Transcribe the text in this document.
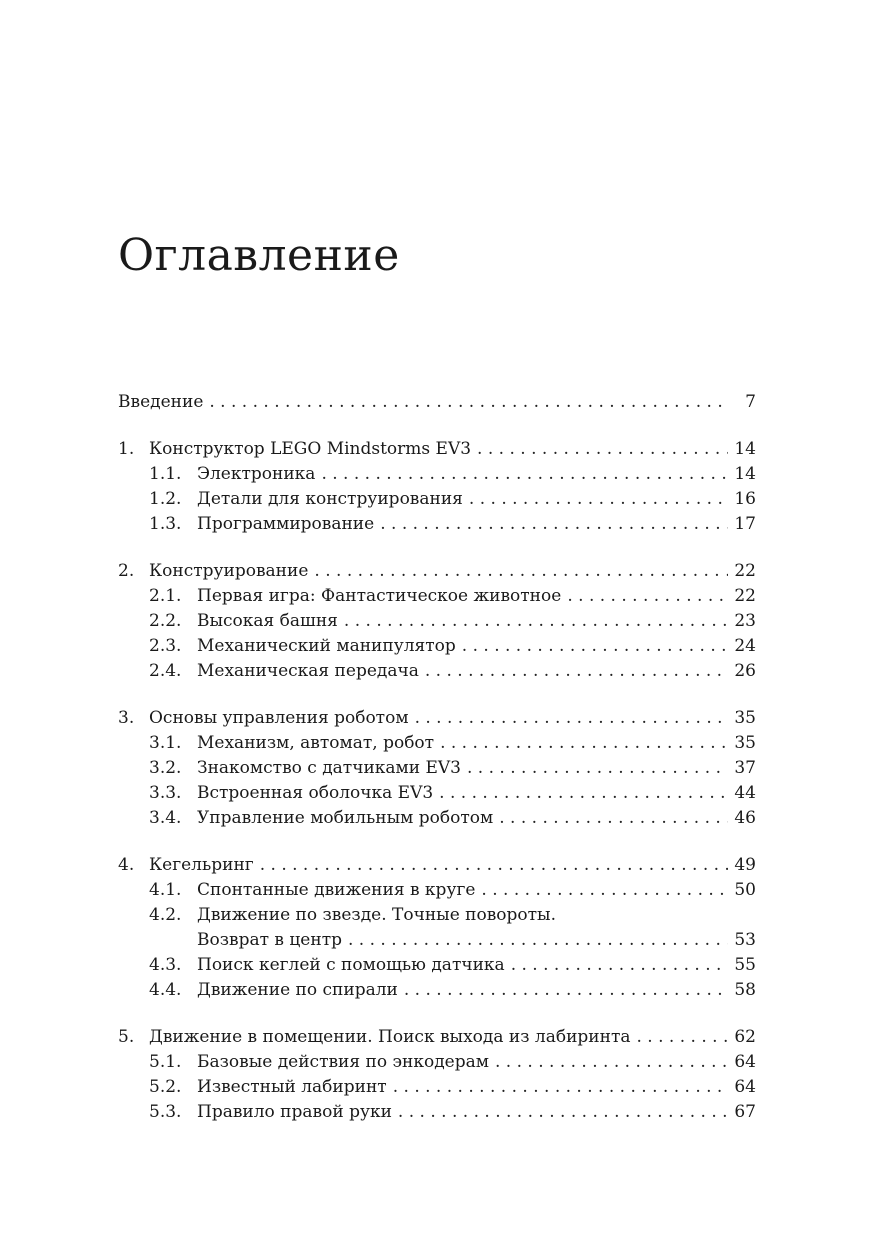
Оглавление
Введение . . .	7
1. Конструктор LEGO Mindstorms EV3 . . .	14
1.1. Электроника . . .	14
1.2. Детали для конструирования . . .	16
1.3. Программирование . . .	17
2. Конструирование . . .	22
2.1. Первая игра: Фантастическое животное . . .	22
2.2. Высокая башня . . .	23
2.3. Механический манипулятор . . .	24
2.4. Механическая передача . . .	26
3. Основы управления роботом . . .	35
3.1. Механизм, автомат, робот . . .	35
3.2. Знакомство с датчиками EV3 . . .	37
3.3. Встроенная оболочка EV3 . . .	44
3.4. Управление мобильным роботом . . .	46
4. Кегельринг . . .	49
4.1. Спонтанные движения в круге . . .	50
4.2. Движение по звезде. Точные повороты.
Возврат в центр . . .	53
4.3. Поиск кеглей с помощью датчика . . .	55
4.4. Движение по спирали . . .	58
5. Движение в помещении. Поиск выхода из лабиринта . . .	62
5.1. Базовые действия по энкодерам . . .	64
5.2. Известный лабиринт . . .	64
5.3. Правило правой руки . . .	67
